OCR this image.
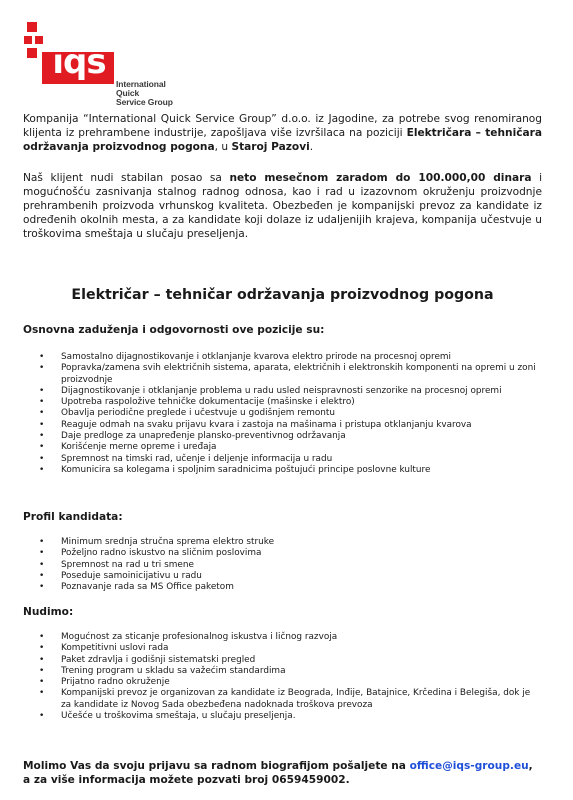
iqs
International Quick
Service Group

Kompanija “International Quick Service Group” d.o.o. iz Jagodine, za potrebe svog renomiranog klijenta iz prehrambene industrije, zapošljava više izvršilaca na poziciji Električara – tehničara održavanja proizvodnog pogona, u Staroj Pazovi.

Naš klijent nudi stabilan posao sa neto mesečnom zaradom do 100.000,00 dinara i mogućnošću zasnivanja stalnog radnog odnosa, kao i rad u izazovnom okruženju proizvodnje prehrambenih proizvoda vrhunskog kvaliteta. Obezbeđen je kompanijski prevoz za kandidate iz određenih okolnih mesta, a za kandidate koji dolaze iz udaljenijih krajeva, kompanija učestvuje u troškovima smeštaja u slučaju preseljenja.

Električar – tehničar održavanja proizvodnog pogona
Osnovna zaduženja i odgovornosti ove pozicije su:
• Samostalno dijagnostikovanje i otklanjanje kvarova elektro prirode na procesnoj opremi
• Popravka/zamena svih električnih sistema, aparata, električnih i elektronskih komponenti na opremi u zoni proizvodnje
• Dijagnostikovanje i otklanjanje problema u radu usled neispravnosti senzorike na procesnoj opremi
• Upotreba raspoložive tehničke dokumentacije (mašinske i elektro)
• Obavlja periodične preglede i učestvuje u godišnjem remontu
• Reaguje odmah na svaku prijavu kvara i zastoja na mašinama i pristupa otklanjanju kvarova
• Daje predloge za unapređenje plansko-preventivnog održavanja
• Korišćenje merne opreme i uređaja
• Spremnost na timski rad, učenje i deljenje informacija u radu
• Komunicira sa kolegama i spoljnim saradnicima poštujući principe poslovne kulture
Profil kandidata:
• Minimum srednja stručna sprema elektro struke
• Poželjno radno iskustvo na sličnim poslovima
• Spremnost na rad u tri smene
• Poseduje samoinicijativu u radu
• Poznavanje rada sa MS Office paketom
Nudimo:
• Mogućnost za sticanje profesionalnog iskustva i ličnog razvoja
• Kompetitivni uslovi rada
• Paket zdravlja i godišnji sistematski pregled
• Trening program u skladu sa važećim standardima
• Prijatno radno okruženje
• Kompanijski prevoz je organizovan za kandidate iz Beograda, Inđije, Batajnice, Krčedina i Belegiša, dok je za kandidate iz Novog Sada obezbeđena nadoknada troškova prevoza
• Učešće u troškovima smeštaja, u slučaju preseljenja.

Molimo Vas da svoju prijavu sa radnom biografijom pošaljete na office@iqs-group.eu, a za više informacija možete pozvati broj 0659459002.
